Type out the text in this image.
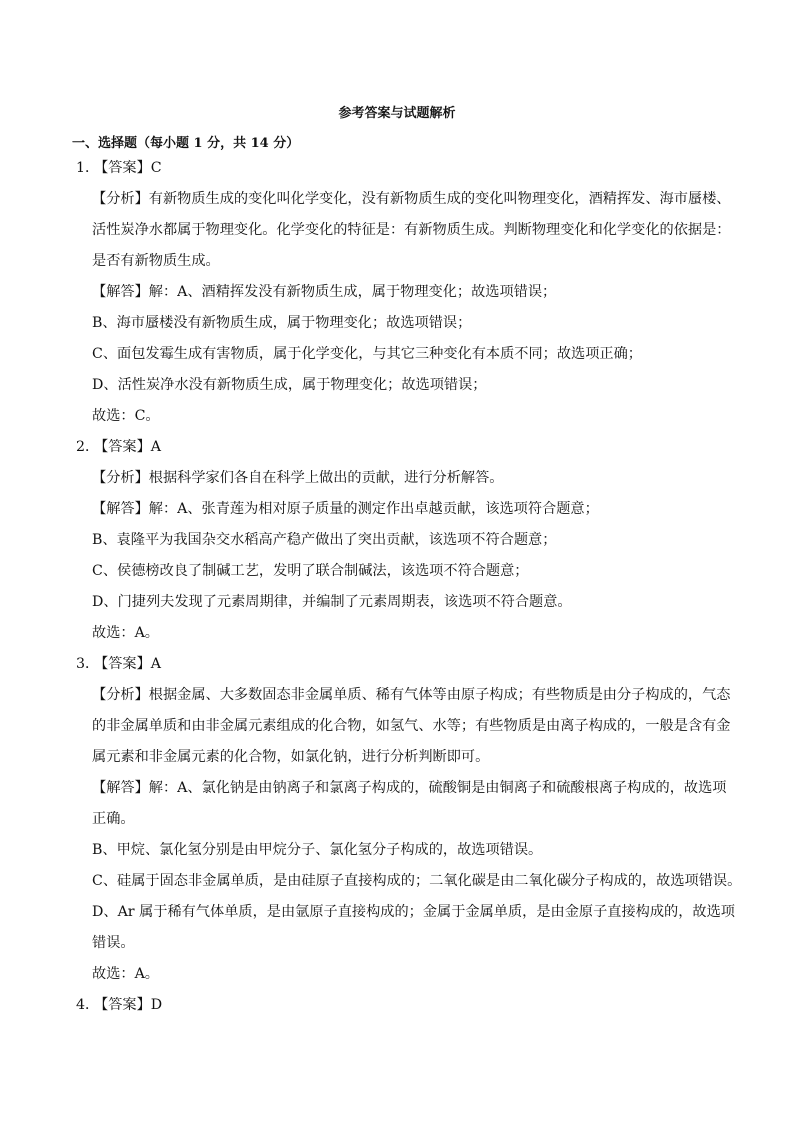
参考答案与试题解析
一、选择题（每小题 1 分，共 14 分）
1．
【答案】C
【分析】有新物质生成的变化叫化学变化，没有新物质生成的变化叫物理变化，酒精挥发、海市蜃楼、
活性炭净水都属于物理变化。化学变化的特征是：有新物质生成。判断物理变化和化学变化的依据是：
是否有新物质生成。
【解答】解：A、酒精挥发没有新物质生成，属于物理变化；故选项错误；
B、海市蜃楼没有新物质生成，属于物理变化；故选项错误；
C、面包发霉生成有害物质，属于化学变化，与其它三种变化有本质不同；故选项正确；
D、活性炭净水没有新物质生成，属于物理变化；故选项错误；
故选：C。
2．
【答案】A
【分析】根据科学家们各自在科学上做出的贡献，进行分析解答。
【解答】解：A、张青莲为相对原子质量的测定作出卓越贡献，该选项符合题意；
B、袁隆平为我国杂交水稻高产稳产做出了突出贡献，该选项不符合题意；
C、侯德榜改良了制碱工艺，发明了联合制碱法，该选项不符合题意；
D、门捷列夫发现了元素周期律，并编制了元素周期表，该选项不符合题意。
故选：A。
3．
【答案】A
【分析】根据金属、大多数固态非金属单质、稀有气体等由原子构成；有些物质是由分子构成的，气态
的非金属单质和由非金属元素组成的化合物，如氢气、水等；有些物质是由离子构成的，一般是含有金
属元素和非金属元素的化合物，如氯化钠，进行分析判断即可。
【解答】解：A、氯化钠是由钠离子和氯离子构成的，硫酸铜是由铜离子和硫酸根离子构成的，故选项
正确。
B、甲烷、氯化氢分别是由甲烷分子、氯化氢分子构成的，故选项错误。
C、硅属于固态非金属单质，是由硅原子直接构成的；二氧化碳是由二氧化碳分子构成的，故选项错误。
D、Ar 属于稀有气体单质，是由氩原子直接构成的；金属于金属单质，是由金原子直接构成的，故选项
错误。
故选：A。
4．
【答案】D
